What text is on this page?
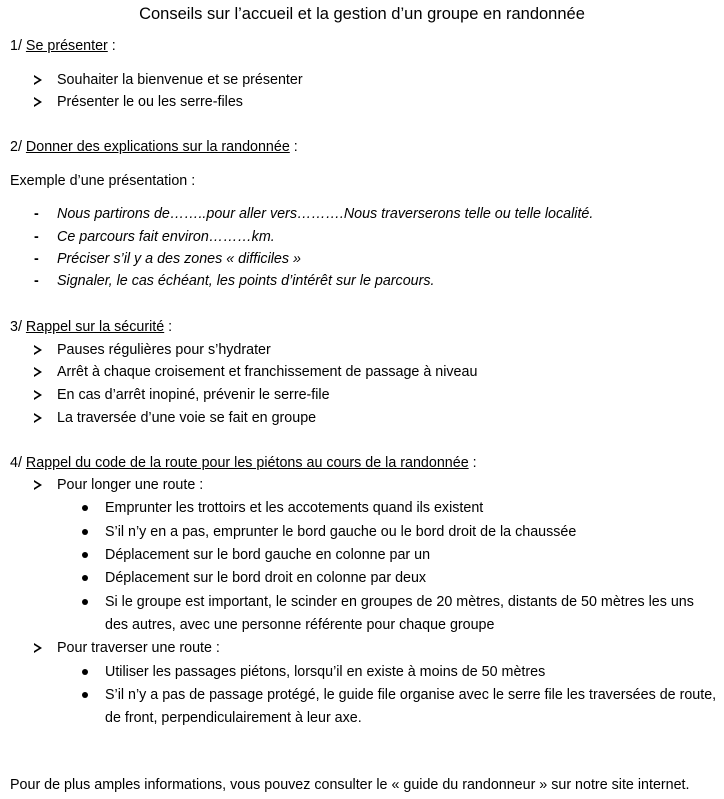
Conseils sur l’accueil et la gestion d’un groupe en randonnée
1/ Se présenter :
Souhaiter la bienvenue et se présenter
Présenter le ou les serre-files
2/ Donner des explications sur la randonnée :
Exemple d’une présentation :
- Nous partirons de……..pour aller vers……….Nous traverserons telle ou telle localité.
- Ce parcours fait environ………km.
- Préciser s’il y a des zones « difficiles »
- Signaler, le cas échéant, les points d’intérêt sur le parcours.
3/ Rappel sur la sécurité :
Pauses régulières pour s’hydrater
Arrêt à chaque croisement et franchissement de passage à niveau
En cas d’arrêt inopiné, prévenir le serre-file
La traversée d’une voie se fait en groupe
4/ Rappel du code de la route pour les piétons au cours de la randonnée :
Pour longer une route :
Emprunter les trottoirs et les accotements quand ils existent
S’il n’y en a pas, emprunter le bord gauche ou le bord droit de la chaussée
Déplacement sur le bord gauche en colonne par un
Déplacement sur le bord droit en colonne par deux
Si le groupe est important, le scinder en groupes de 20 mètres, distants de 50 mètres les uns
des autres, avec une personne référente pour chaque groupe
Pour traverser une route :
Utiliser les passages piétons, lorsqu’il en existe à moins de 50 mètres
S’il n’y a pas de passage protégé, le guide file organise avec le serre file les traversées de route,
de front, perpendiculairement à leur axe.
Pour de plus amples informations, vous pouvez consulter le « guide du randonneur » sur notre site internet.
